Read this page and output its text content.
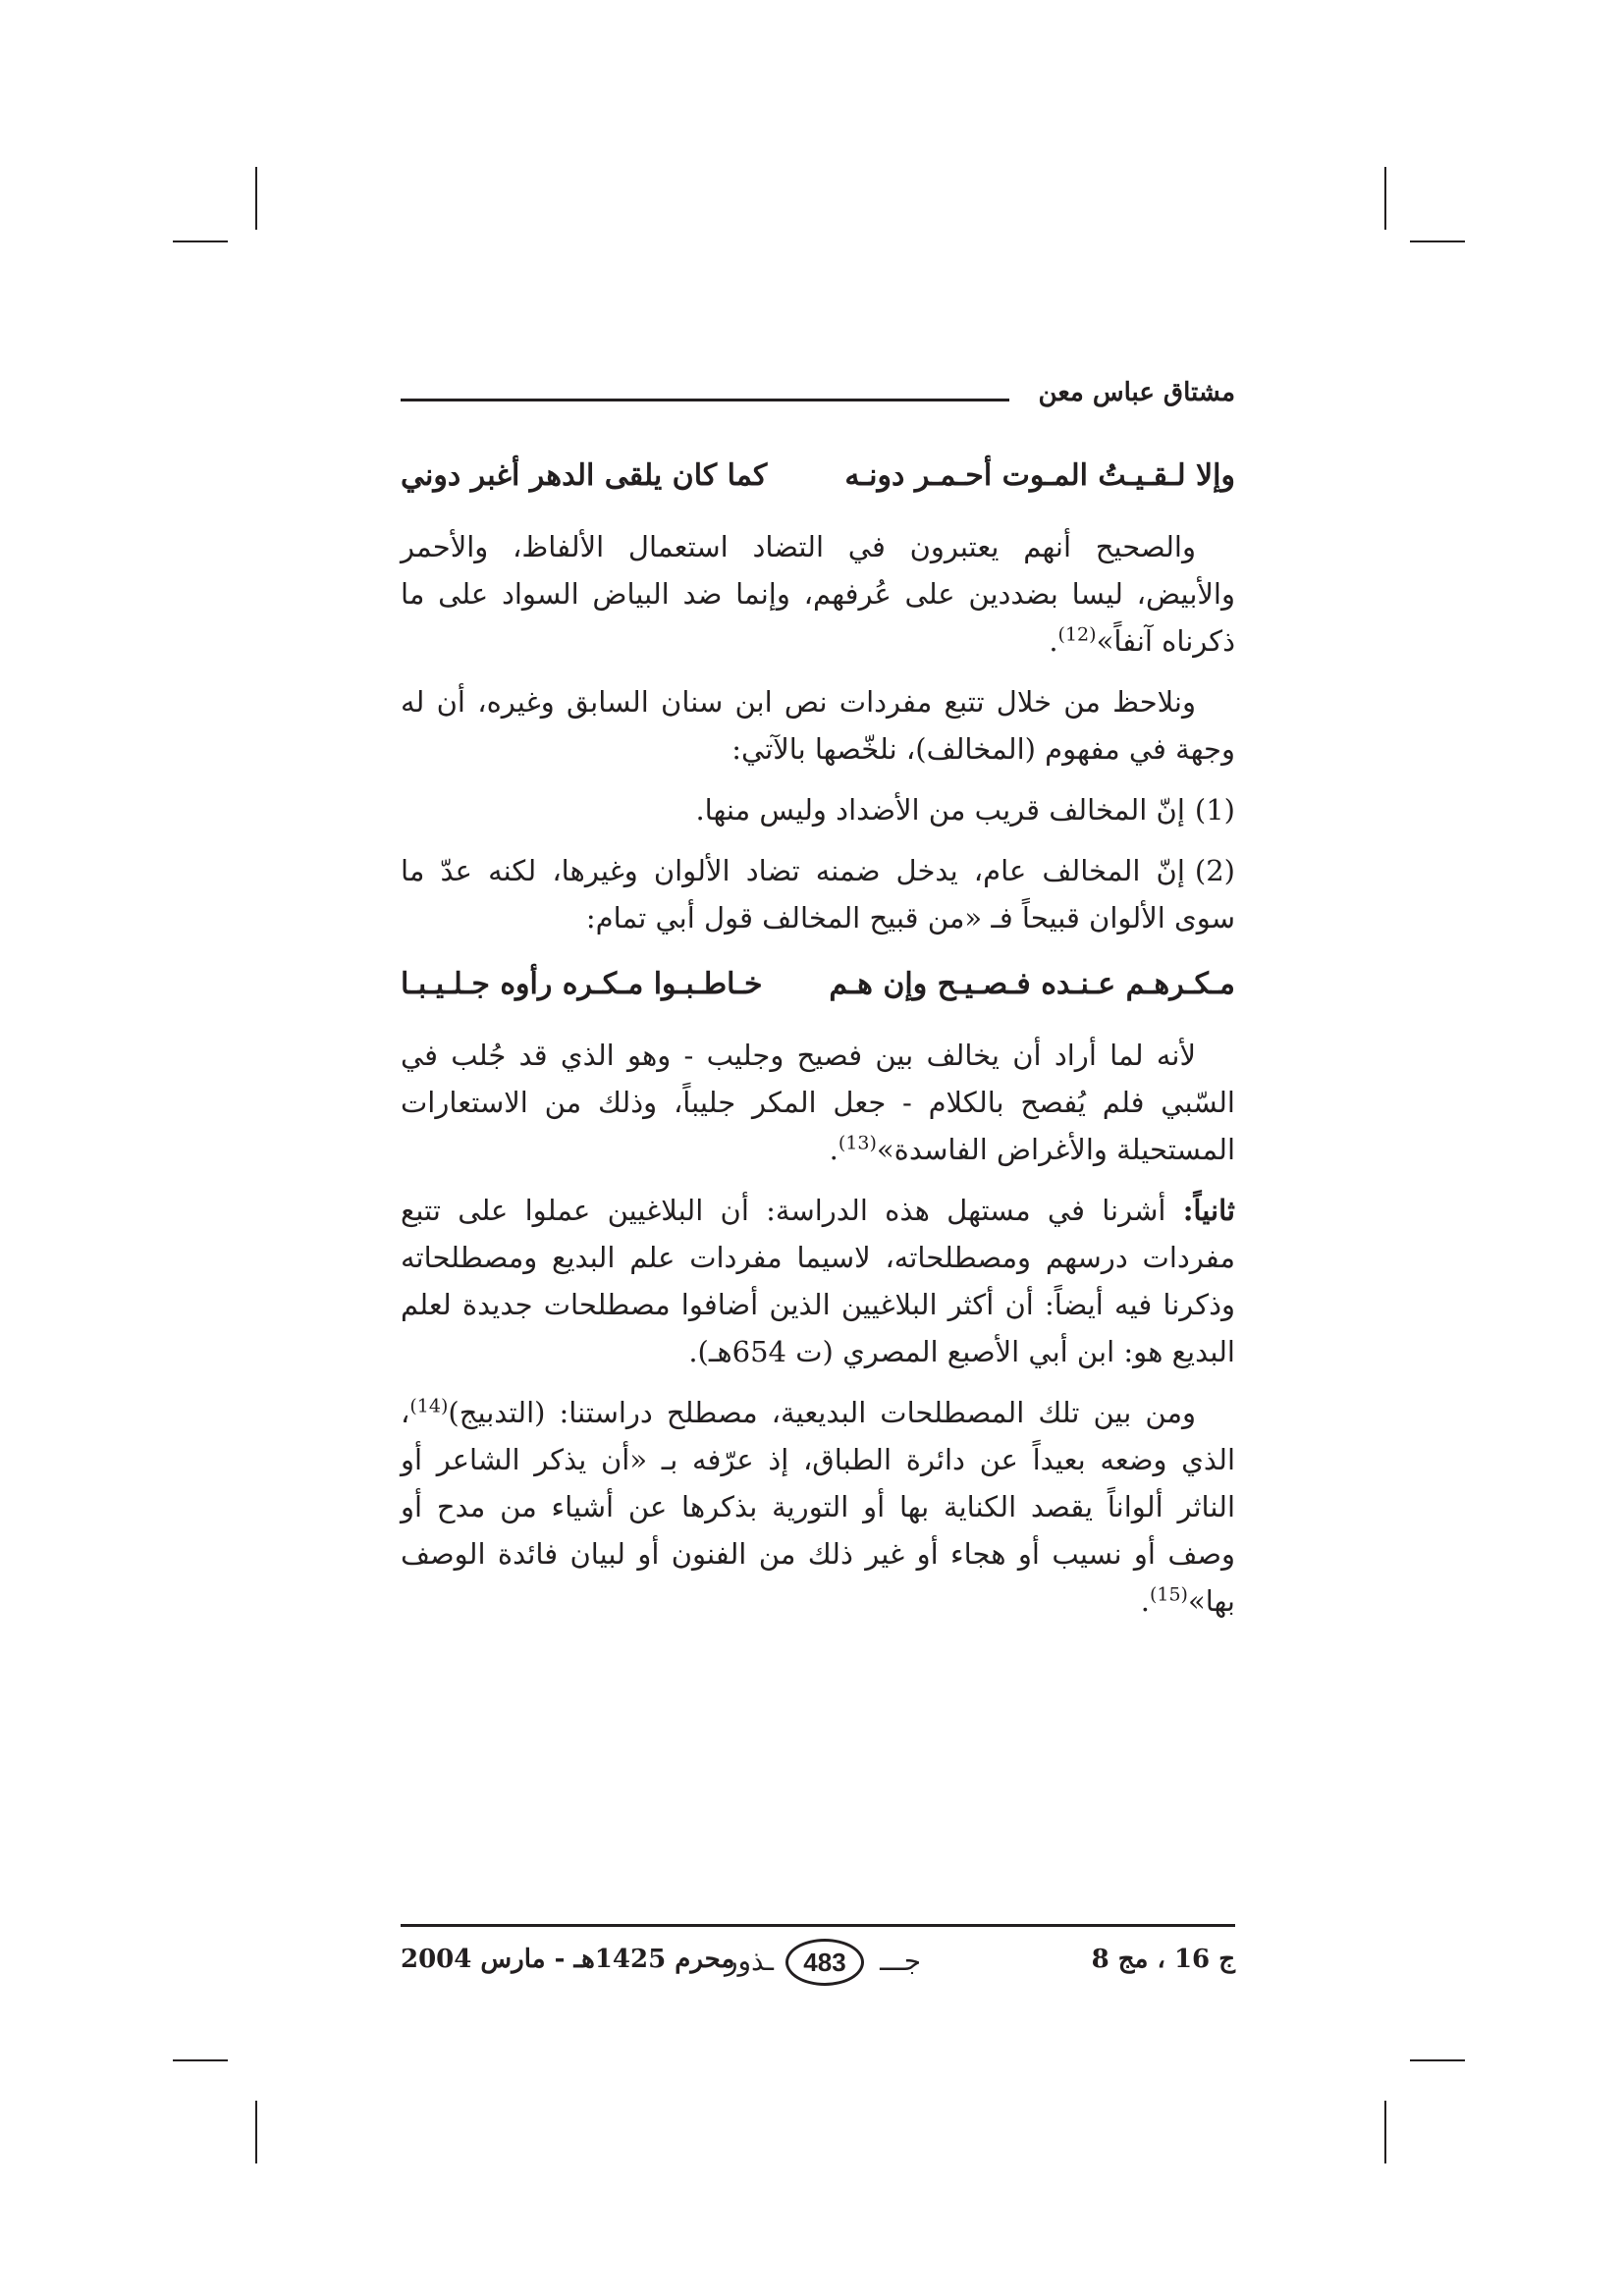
مشتاق عباس معن
وإلا لـقـيـتُ المـوت أحـمـر دونـه
كما كان يلقى الدهر أغبر دوني

والصحيح أنهم يعتبرون في التضاد استعمال الألفاظ، والأحمر والأبيض، ليسا بضددين على عُرفهم، وإنما ضد البياض السواد على ما ذكرناه آنفاً»$^{(12)}$.

ونلاحظ من خلال تتبع مفردات نص ابن سنان السابق وغيره، أن له وجهة في مفهوم (المخالف)، نلخّصها بالآتي:

(1)إنّ المخالف قريب من الأضداد وليس منها.

(2)إنّ المخالف عام، يدخل ضمنه تضاد الألوان وغيرها، لكنه عدّ ما سوى الألوان قبيحاً فـ «من قبيح المخالف قول أبي تمام:

مـكـرهـم عـنـده فـصـيـح وإن هـم
خـاطـبـوا مـكـره رأوه جـلـيـبـا

لأنه لما أراد أن يخالف بين فصيح وجليب - وهو الذي قد جُلب في السّبي فلم يُفصح بالكلام - جعل المكر جليباً، وذلك من الاستعارات المستحيلة والأغراض الفاسدة»$^{(13)}$.

ثانياً: أشرنا في مستهل هذه الدراسة: أن البلاغيين عملوا على تتبع مفردات درسهم ومصطلحاته، لاسيما مفردات علم البديع ومصطلحاته وذكرنا فيه أيضاً: أن أكثر البلاغيين الذين أضافوا مصطلحات جديدة لعلم البديع هو: ابن أبي الأصبع المصري (ت 654هـ).

ومن بين تلك المصطلحات البديعية، مصطلح دراستنا: (التدبيج)$^{(14)}$، الذي وضعه بعيداً عن دائرة الطباق، إذ عرّفه بـ «أن يذكر الشاعر أو الناثر ألواناً يقصد الكناية بها أو التورية بذكرها عن أشياء من مدح أو وصف أو نسيب أو هجاء أو غير ذلك من الفنون أو لبيان فائدة الوصف بها»$^{(15)}$.

ج 16 ، مج 8
جـــ
483
ـذور
محرم 1425هـ - مارس 2004
